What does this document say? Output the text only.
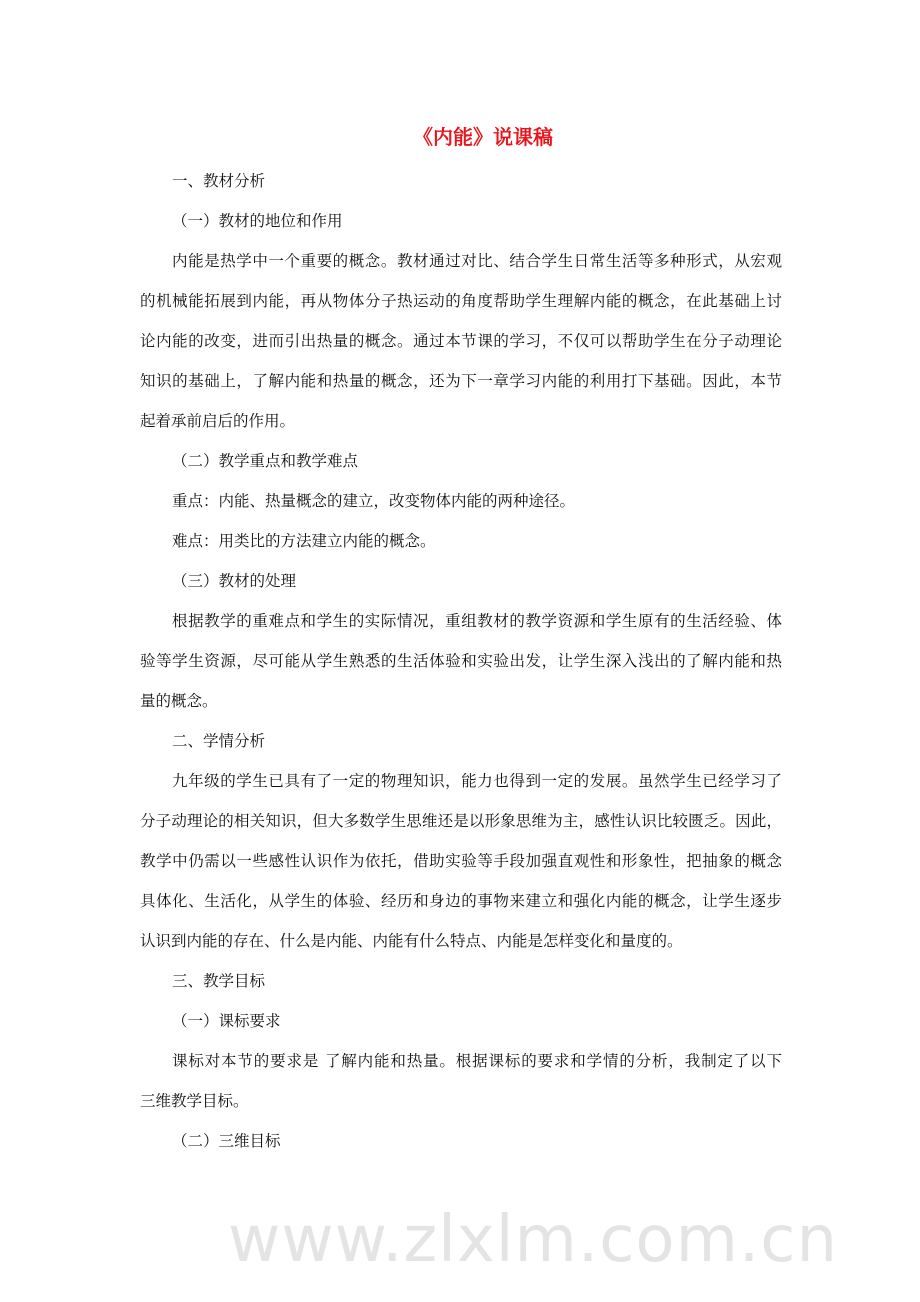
www.zlxlm.com.cn
《内能》说课稿
一、教材分析
（一）教材的地位和作用
内能是热学中一个重要的概念。教材通过对比、结合学生日常生活等多种形式，从宏观
的机械能拓展到内能，再从物体分子热运动的角度帮助学生理解内能的概念，在此基础上讨
论内能的改变，进而引出热量的概念。通过本节课的学习，不仅可以帮助学生在分子动理论
知识的基础上，了解内能和热量的概念，还为下一章学习内能的利用打下基础。因此，本节
起着承前启后的作用。
（二）教学重点和教学难点
重点：内能、热量概念的建立，改变物体内能的两种途径。
难点：用类比的方法建立内能的概念。
（三）教材的处理
根据教学的重难点和学生的实际情况，重组教材的教学资源和学生原有的生活经验、体
验等学生资源，尽可能从学生熟悉的生活体验和实验出发，让学生深入浅出的了解内能和热
量的概念。
二、学情分析
九年级的学生已具有了一定的物理知识，能力也得到一定的发展。虽然学生已经学习了
分子动理论的相关知识，但大多数学生思维还是以形象思维为主，感性认识比较匮乏。因此，
教学中仍需以一些感性认识作为依托，借助实验等手段加强直观性和形象性，把抽象的概念
具体化、生活化，从学生的体验、经历和身边的事物来建立和强化内能的概念，让学生逐步
认识到内能的存在、什么是内能、内能有什么特点、内能是怎样变化和量度的。
三、教学目标
（一）课标要求
课标对本节的要求是 了解内能和热量。根据课标的要求和学情的分析，我制定了以下
三维教学目标。
（二）三维目标
